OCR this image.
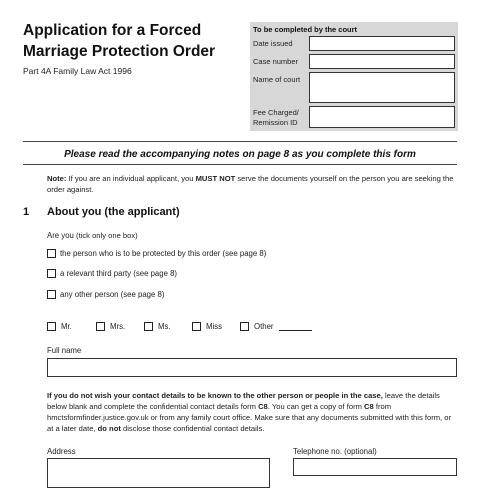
Application for a Forced Marriage Protection Order
Part 4A Family Law Act 1996
To be completed by the court
Date issued
Case number
Name of court
Fee Charged/
Remission ID
Please read the accompanying notes on page 8 as you complete this form
Note: If you are an individual applicant, you MUST NOT serve the documents yourself on the person you are seeking the order against.
1 About you (the applicant)
Are you (tick only one box)
the person who is to be protected by this order (see page 8)
a relevant third party (see page 8)
any other person (see page 8)
Mr.	Mrs.	Ms.	Miss	Other
Full name
If you do not wish your contact details to be known to the other person or people in the case, leave the details below blank and complete the confidential contact details form C8. You can get a copy of form C8 from hmctsformfinder.justice.gov.uk or from any family court office. Make sure that any documents submitted with this form, or at a later date, do not disclose those confidential contact details.
Address	Telephone no. (optional)
